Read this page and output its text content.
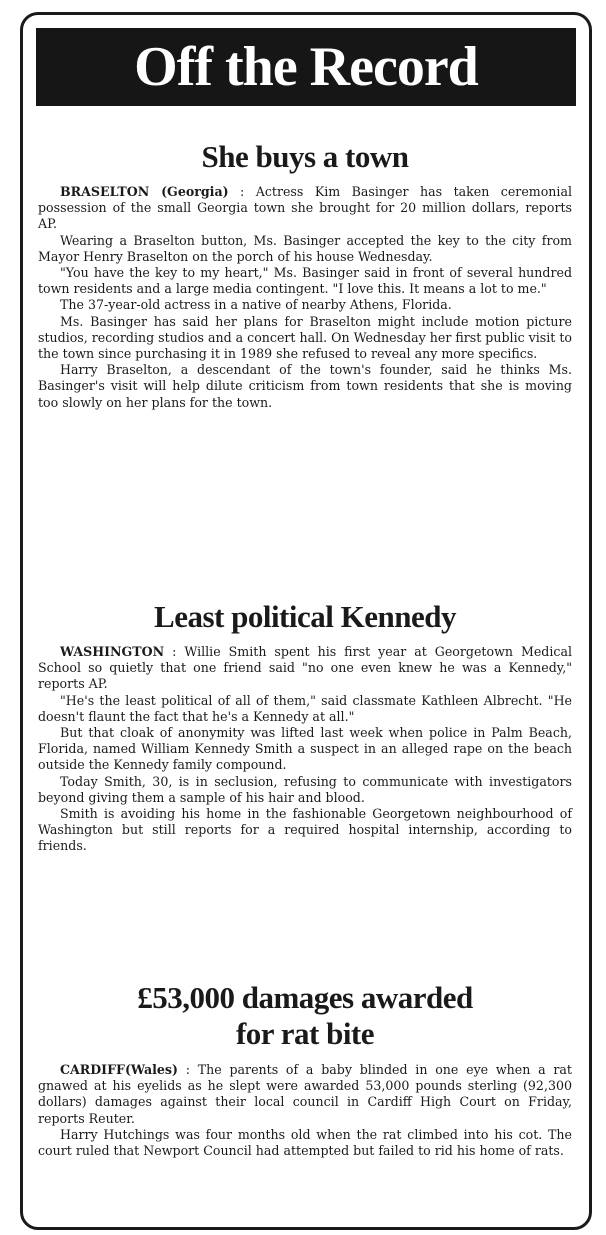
Off the Record
She buys a town

BRASELTON (Georgia) : Actress Kim Basinger has taken ceremonial possession of the small Georgia town she brought for 20 million dollars, reports AP.

Wearing a Braselton button, Ms. Basinger accepted the key to the city from Mayor Henry Braselton on the porch of his house Wednesday.

"You have the key to my heart," Ms. Basinger said in front of several hundred town residents and a large media contingent. "I love this. It means a lot to me."

The 37-year-old actress in a native of nearby Athens, Florida.

Ms. Basinger has said her plans for Braselton might include motion picture studios, recording studios and a concert hall. On Wednesday her first public visit to the town since purchasing it in 1989 she refused to reveal any more specifics.

Harry Braselton, a descendant of the town's founder, said he thinks Ms. Basinger's visit will help dilute criticism from town residents that she is moving too slowly on her plans for the town.

Least political Kennedy

WASHINGTON : Willie Smith spent his first year at Georgetown Medical School so quietly that one friend said "no one even knew he was a Kennedy," reports AP.

"He's the least political of all of them," said classmate Kathleen Albrecht. "He doesn't flaunt the fact that he's a Kennedy at all."

But that cloak of anonymity was lifted last week when police in Palm Beach, Florida, named William Kennedy Smith a suspect in an alleged rape on the beach outside the Kennedy family compound.

Today Smith, 30, is in seclusion, refusing to communicate with investigators beyond giving them a sample of his hair and blood.

Smith is avoiding his home in the fashionable Georgetown neighbourhood of Washington but still reports for a required hospital internship, according to friends.

£53,000 damages awarded
for rat bite

CARDIFF(Wales) : The parents of a baby blinded in one eye when a rat gnawed at his eyelids as he slept were awarded 53,000 pounds sterling (92,300 dollars) damages against their local council in Cardiff High Court on Friday, reports Reuter.

Harry Hutchings was four months old when the rat climbed into his cot. The court ruled that Newport Council had attempted but failed to rid his home of rats.
